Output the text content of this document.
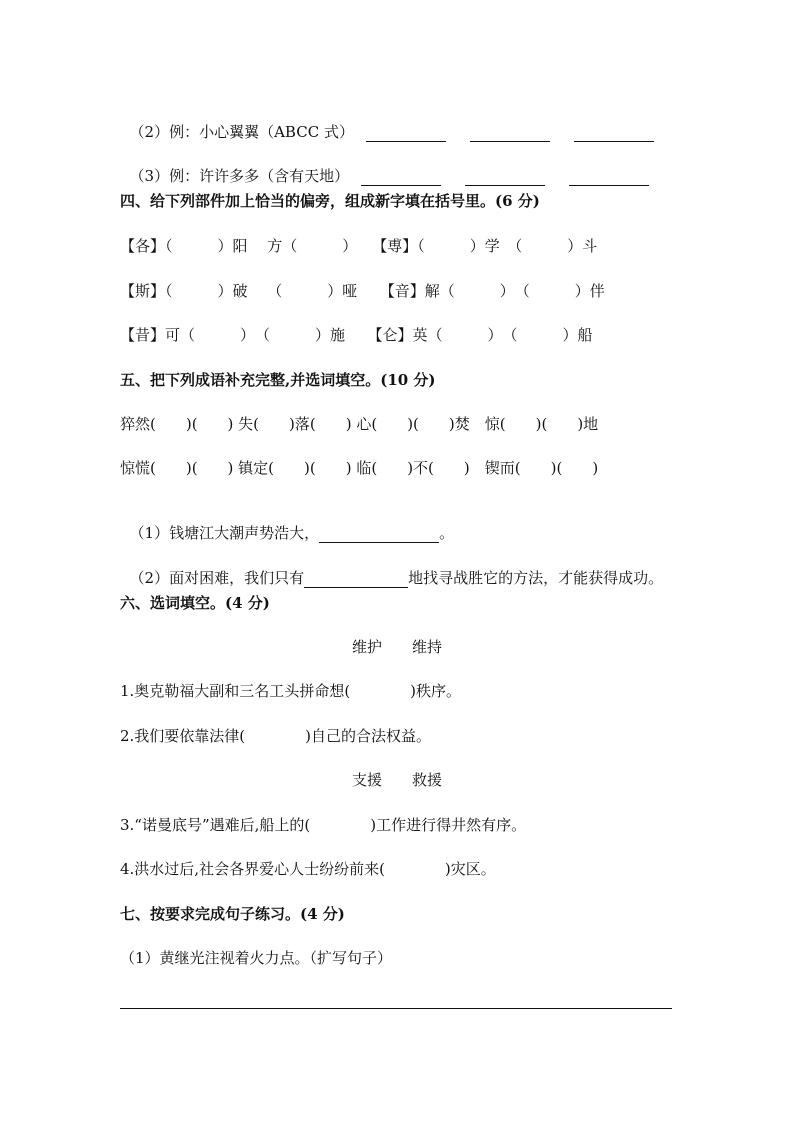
（2）例：小心翼翼（ABCC 式）

（3）例：许许多多（含有天地）

四、给下列部件加上恰当的偏旁，组成新字填在括号里。(6 分)
【各】（　　　）阳　 方（　　　）　　【尃】（　　　）学　（　　　）斗
【斯】（　　　）破　 （　　　）哑　　【音】解（　　　）　（　　　）伴
【昔】可（　　　）　（　　　）施　　【仑】英（　　　）　（　　　）船
五、把下列成语补充完整,并选词填空。(10 分)
猝然(　　)(　　) 失(　　)落(　　) 心(　　)(　　)焚　惊(　　)(　　)地
惊慌(　　)(　　) 镇定(　　)(　　) 临(　　)不(　　)　锲而(　　)(　　)

（1）钱塘江大潮声势浩大，	。

（2）面对困难，我们只有	地找寻战胜它的方法，才能获得成功。

六、选词填空。(4 分)
维护　　维持
1.奥克勒福大副和三名工头拼命想(　　　　)秩序。
2.我们要依靠法律(　　　　)自己的合法权益。
支援　　救援
3.“诺曼底号”遇难后,船上的(　　　　)工作进行得井然有序。
4.洪水过后,社会各界爱心人士纷纷前来(　　　　)灾区。
七、按要求完成句子练习。(4 分)
（1）黄继光注视着火力点。（扩写句子）
